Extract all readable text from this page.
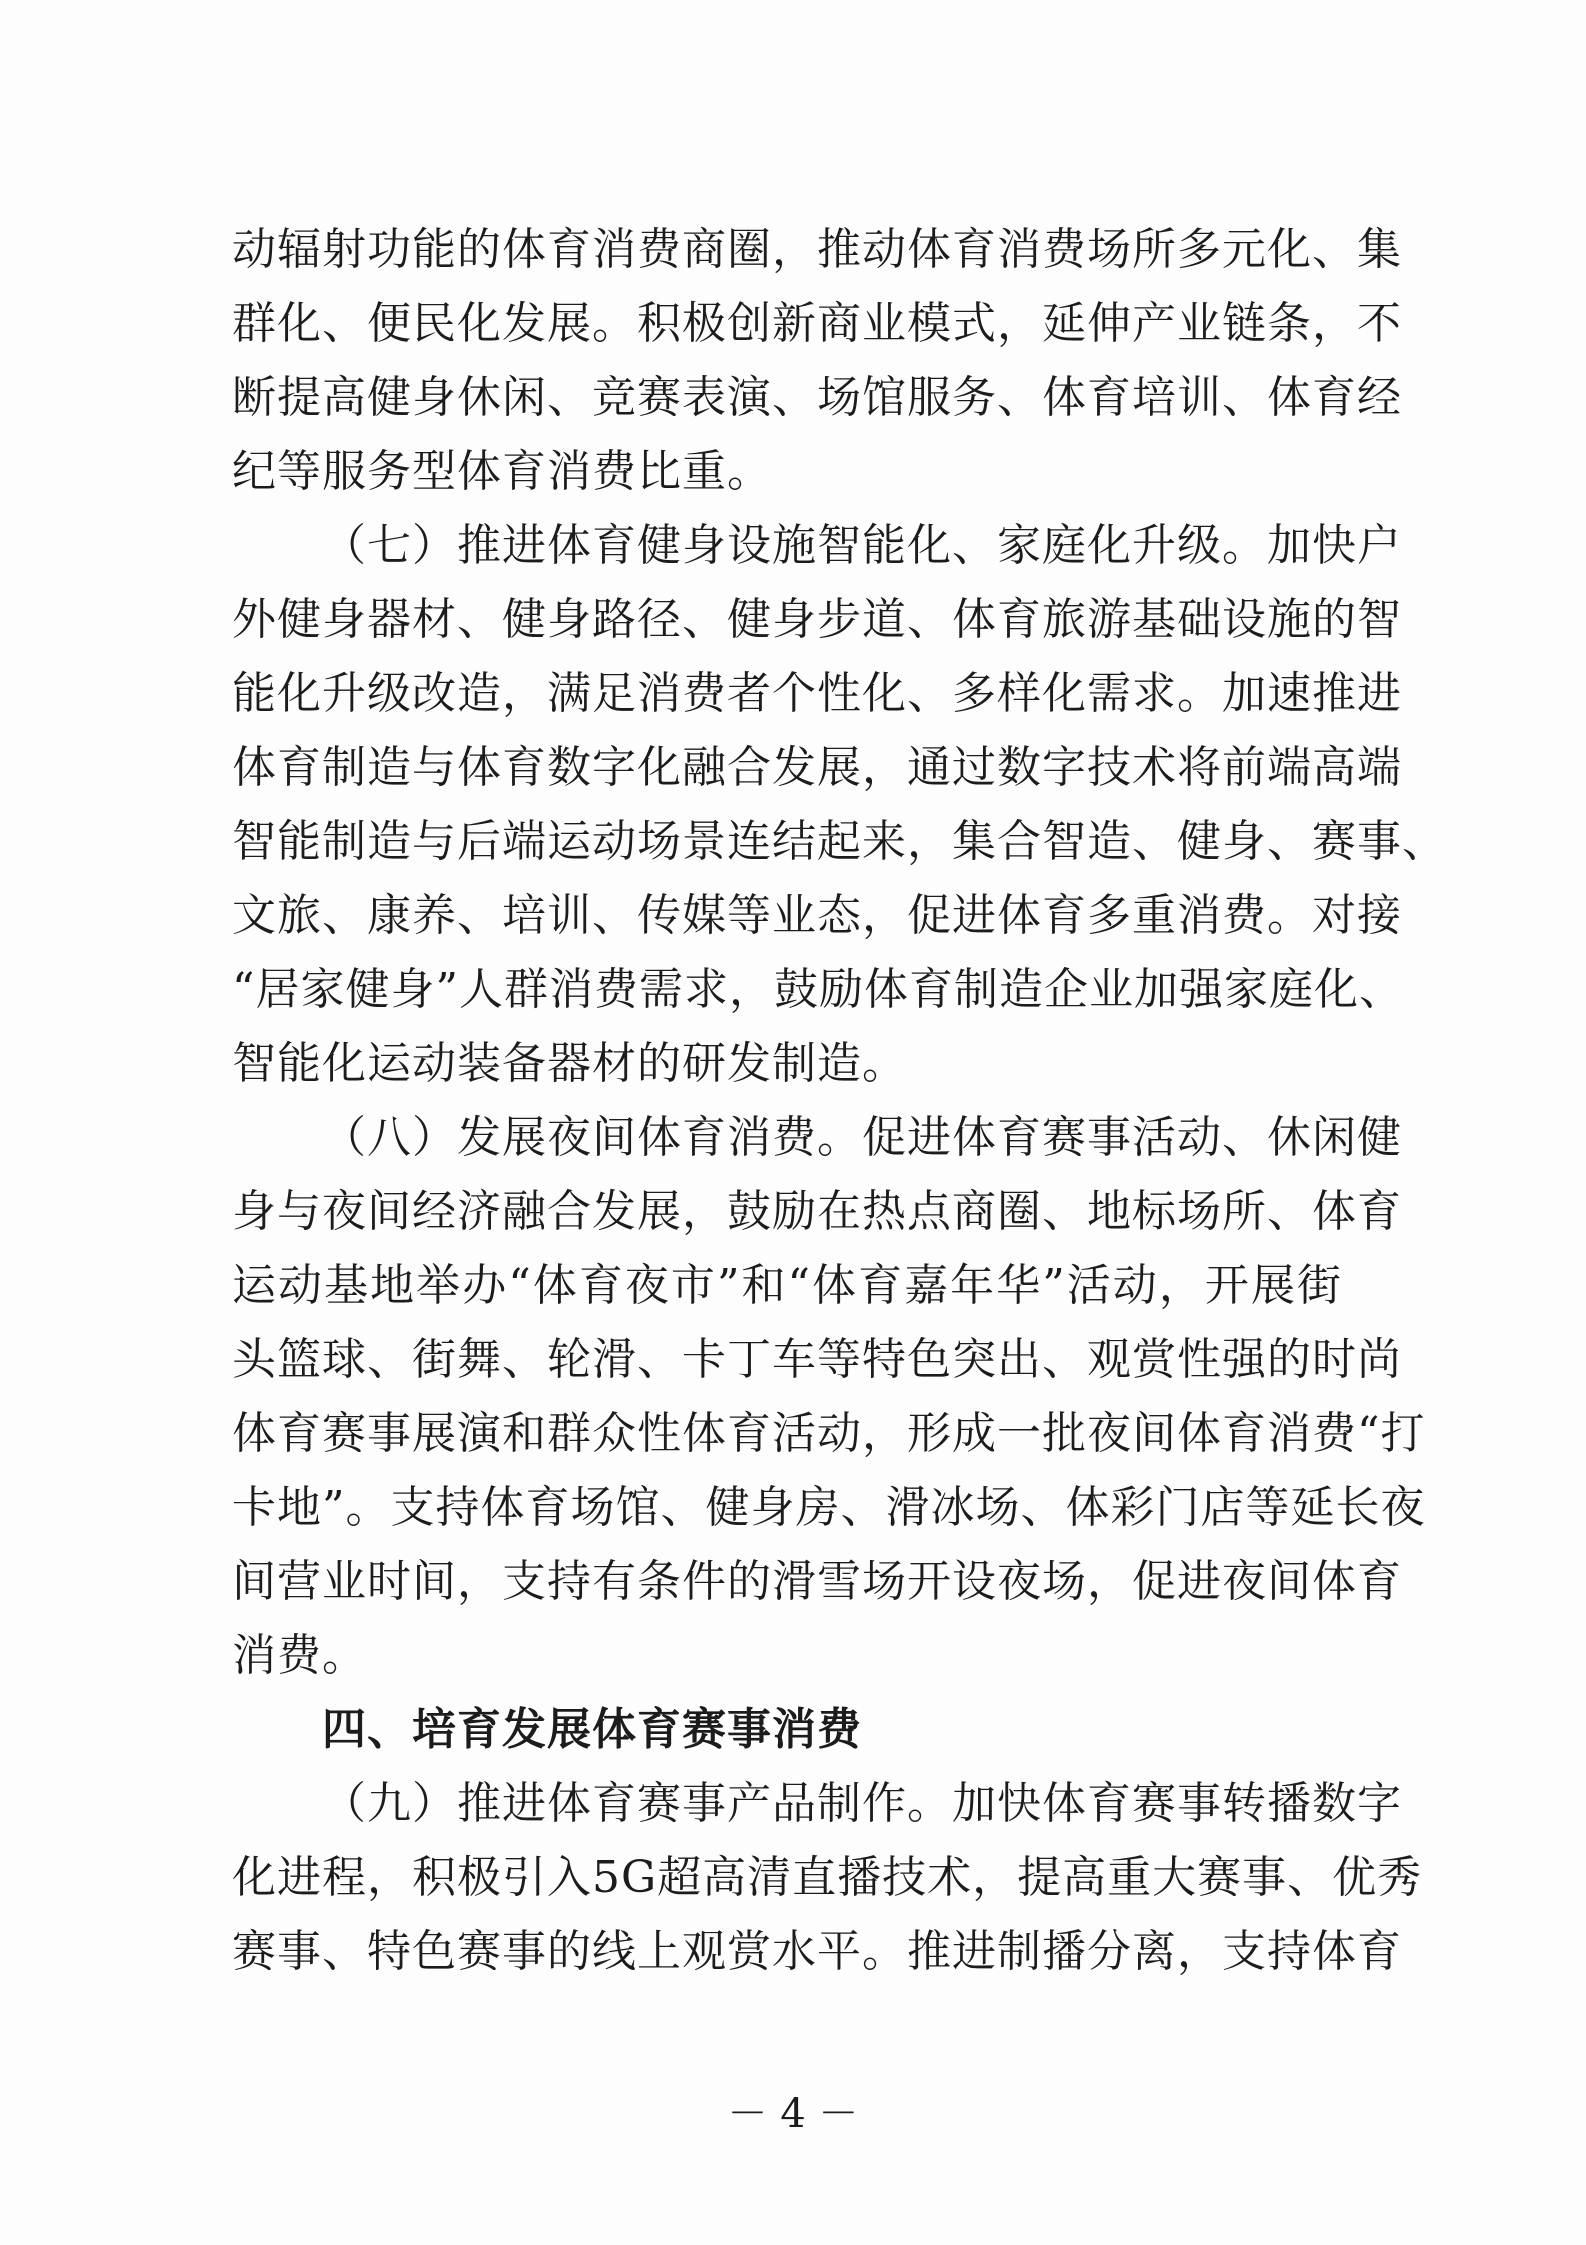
动辐射功能的体育消费商圈，推动体育消费场所多元化、集
群化、便民化发展。积极创新商业模式，延伸产业链条，不
断提高健身休闲、竞赛表演、场馆服务、体育培训、体育经
纪等服务型体育消费比重。
（七）推进体育健身设施智能化、家庭化升级。加快户
外健身器材、健身路径、健身步道、体育旅游基础设施的智
能化升级改造，满足消费者个性化、多样化需求。加速推进
体育制造与体育数字化融合发展，通过数字技术将前端高端
智能制造与后端运动场景连结起来，集合智造、健身、赛事、
文旅、康养、培训、传媒等业态，促进体育多重消费。对接
“居家健身”人群消费需求，鼓励体育制造企业加强家庭化、
智能化运动装备器材的研发制造。
（八）发展夜间体育消费。促进体育赛事活动、休闲健
身与夜间经济融合发展，鼓励在热点商圈、地标场所、体育
运动基地举办“体育夜市”和“体育嘉年华”活动，开展街
头篮球、街舞、轮滑、卡丁车等特色突出、观赏性强的时尚
体育赛事展演和群众性体育活动，形成一批夜间体育消费“打
卡地”。支持体育场馆、健身房、滑冰场、体彩门店等延长夜
间营业时间，支持有条件的滑雪场开设夜场，促进夜间体育
消费。
四、培育发展体育赛事消费
（九）推进体育赛事产品制作。加快体育赛事转播数字
化进程，积极引入5G超高清直播技术，提高重大赛事、优秀
赛事、特色赛事的线上观赏水平。推进制播分离，支持体育
－ 4 －
